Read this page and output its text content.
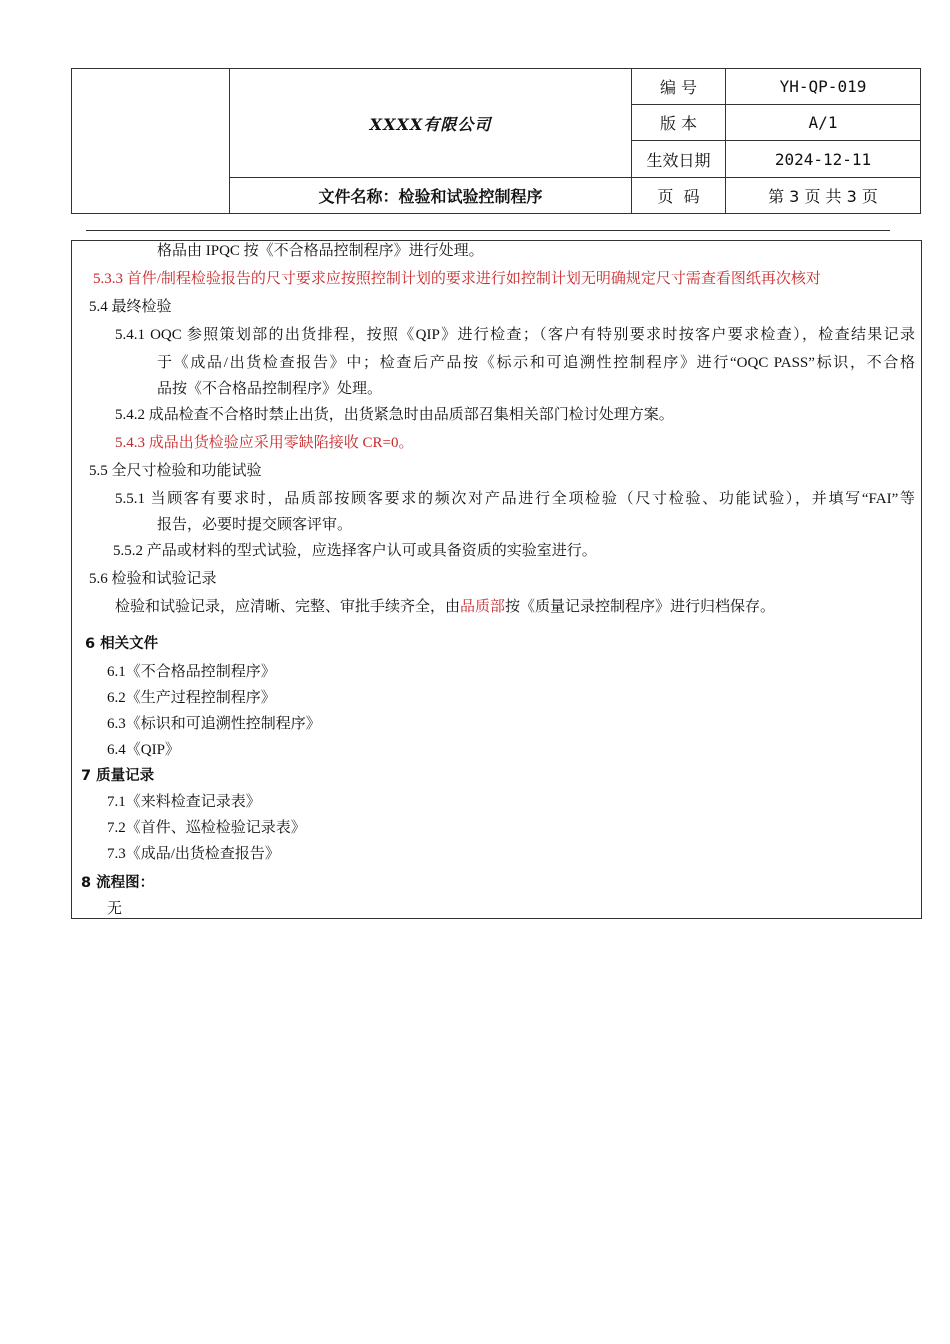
	XXXX有限公司	编 号	YH-QP-019
		版 本	A/1
		生效日期	2024-12-11
	文件名称：检验和试验控制程序	页  码	第 3 页 共 3 页
格品由 IPQC 按《不合格品控制程序》进行处理。
5.3.3 首件/制程检验报告的尺寸要求应按照控制计划的要求进行如控制计划无明确规定尺寸需查看图纸再次核对
5.4 最终检验
5.4.1 OQC 参照策划部的出货排程，按照《QIP》进行检查；（客户有特别要求时按客户要求检查），检查结果记录
于《成品/出货检查报告》中；检查后产品按《标示和可追溯性控制程序》进行“OQC PASS”标识，不合格
品按《不合格品控制程序》处理。
5.4.2 成品检查不合格时禁止出货，出货紧急时由品质部召集相关部门检讨处理方案。
5.4.3 成品出货检验应采用零缺陷接收 CR=0。
5.5 全尺寸检验和功能试验
5.5.1 当顾客有要求时，品质部按顾客要求的频次对产品进行全项检验（尺寸检验、功能试验），并填写“FAI”等
报告，必要时提交顾客评审。
5.5.2 产品或材料的型式试验，应选择客户认可或具备资质的实验室进行。
5.6 检验和试验记录
检验和试验记录，应清晰、完整、审批手续齐全，由品质部按《质量记录控制程序》进行归档保存。
6 相关文件
6.1《不合格品控制程序》
6.2《生产过程控制程序》
6.3《标识和可追溯性控制程序》
6.4《QIP》
7 质量记录
7.1《来料检查记录表》
7.2《首件、巡检检验记录表》
7.3《成品/出货检查报告》
8 流程图：
无
